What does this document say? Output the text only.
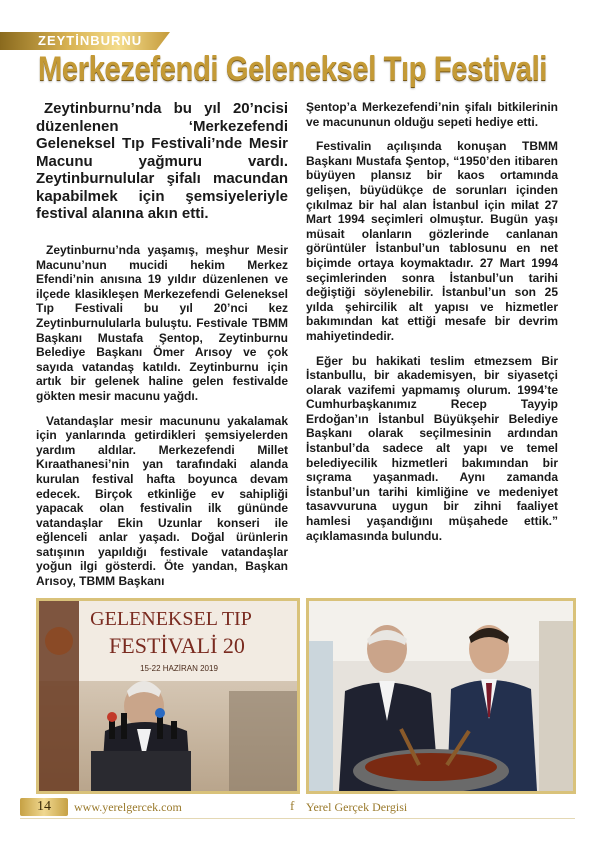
ZEYTİNBURNU
Merkezefendi Geleneksel Tıp Festivali

Zeytinburnu’nda bu yıl 20’ncisi düzenlenen ‘Merkezefendi Geleneksel Tıp Festivali’nde Mesir Macunu yağmuru vardı. Zeytinburnulular şifalı macundan kapabilmek için şemsiyeleriyle festival alanına akın etti.

Zeytinburnu’nda yaşamış, meşhur Mesir Macunu’nun mucidi hekim Merkez Efendi’nin anısına 19 yıldır düzenlenen ve ilçede klasikleşen Merkezefendi Geleneksel Tıp Festivali bu yıl 20’nci kez Zeytinburnulularla buluştu. Festivale TBMM Başkanı Mustafa Şentop, Zeytinburnu Belediye Başkanı Ömer Arısoy ve çok sayıda vatandaş katıldı. Zeytinburnu için artık bir gelenek haline gelen festivalde gökten mesir macunu yağdı.

Vatandaşlar mesir macununu yakalamak için yanlarında getirdikleri şemsiyelerden yardım aldılar. Merkezefendi Millet Kıraathanesi’nin yan tarafındaki alanda kurulan festival hafta boyunca devam edecek. Birçok etkinliğe ev sahipliği yapacak olan festivalin ilk gününde vatandaşlar Ekin Uzunlar konseri ile eğlenceli anlar yaşadı. Doğal ürünlerin satışının yapıldığı festivale vatandaşlar yoğun ilgi gösterdi. Öte yandan, Başkan Arısoy, TBMM Başkanı

Şentop’a Merkezefendi’nin şifalı bitkilerinin ve macununun olduğu sepeti hediye etti.

Festivalin açılışında konuşan TBMM Başkanı Mustafa Şentop, “1950’den itibaren büyüyen plansız bir kaos ortamında gelişen, büyüdükçe de sorunları içinden çıkılmaz bir hal alan İstanbul için milat 27 Mart 1994 seçimleri olmuştur. Bugün yaşı müsait olanların gözlerinde canlanan görüntüler İstanbul’un tablosunu en net biçimde ortaya koymaktadır. 27 Mart 1994 seçimlerinden sonra İstanbul’un tarihi değiştiği söylenebilir. İstanbul’un son 25 yılda şehircilik alt yapısı ve hizmetler bakımından kat ettiği mesafe bir devrim mahiyetindedir.

Eğer bu hakikati teslim etmezsem Bir İstanbullu, bir akademisyen, bir siyasetçi olarak vazifemi yapmamış olurum. 1994’te Cumhurbaşkanımız Recep Tayyip Erdoğan’ın İstanbul Büyükşehir Belediye Başkanı olarak seçilmesinin ardından İstanbul’da sadece alt yapı ve temel belediyecilik hizmetleri bakımından bir sıçrama yaşanmadı. Aynı zamanda İstanbul’un tarihi kimliğine ve medeniyet tasavvuruna uygun bir zihni faaliyet hamlesi yaşandığını müşahede ettik.” açıklamasında bulundu.

GELENEKSEL TIP
FESTİVALİ 20
15-22 HAZİRAN 2019
14	www.yerelgercek.com	f Yerel Gerçek Dergisi
